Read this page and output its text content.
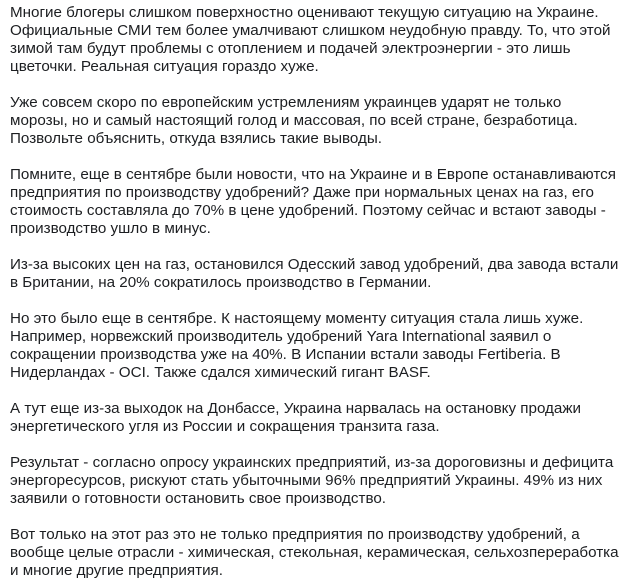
Многие блогеры слишком поверхностно оценивают текущую ситуацию на Украине. Официальные СМИ тем более умалчивают слишком неудобную правду. То, что этой зимой там будут проблемы с отоплением и подачей электроэнергии - это лишь цветочки. Реальная ситуация гораздо хуже.

Уже совсем скоро по европейским устремлениям украинцев ударят не только морозы, но и самый настоящий голод и массовая, по всей стране, безработица. Позвольте объяснить, откуда взялись такие выводы.

Помните, еще в сентябре были новости, что на Украине и в Европе останавливаются предприятия по производству удобрений? Даже при нормальных ценах на газ, его стоимость составляла до 70% в цене удобрений. Поэтому сейчас и встают заводы - производство ушло в минус.

Из-за высоких цен на газ, остановился Одесский завод удобрений, два завода встали в Британии, на 20% сократилось производство в Германии.

Но это было еще в сентябре. К настоящему моменту ситуация стала лишь хуже. Например, норвежский производитель удобрений Yara International заявил о сокращении производства уже на 40%. В Испании встали заводы Fertiberia. В Нидерландах - OCI. Также сдался химический гигант BASF.

А тут еще из-за выходок на Донбассе, Украина нарвалась на остановку продажи энергетического угля из России и сокращения транзита газа.

Результат - согласно опросу украинских предприятий, из-за дороговизны и дефицита энергоресурсов, рискуют стать убыточными 96% предприятий Украины. 49% из них заявили о готовности остановить свое производство.

Вот только на этот раз это не только предприятия по производству удобрений, а вообще целые отрасли - химическая, стекольная, керамическая, сельхозпереработка и многие другие предприятия.
